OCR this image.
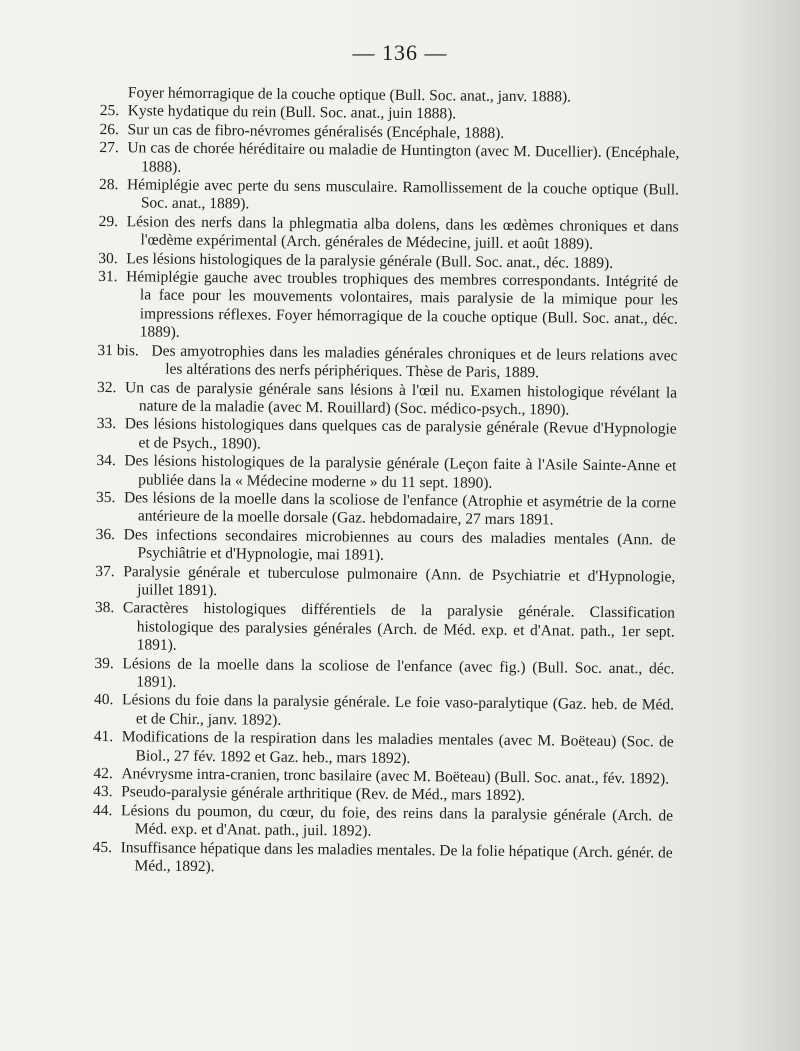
— 136 —
Foyer hémorragique de la couche optique (Bull. Soc. anat., janv. 1888).
25. Kyste hydatique du rein (Bull. Soc. anat., juin 1888).
26. Sur un cas de fibro-névromes généralisés (Encéphale, 1888).
27. Un cas de chorée héréditaire ou maladie de Huntington (avec M. Ducellier). (Encéphale, 1888).
28. Hémiplégie avec perte du sens musculaire. Ramollissement de la couche optique (Bull. Soc. anat., 1889).
29. Lésion des nerfs dans la phlegmatia alba dolens, dans les œdèmes chroniques et dans l'œdème expérimental (Arch. générales de Médecine, juill. et août 1889).
30. Les lésions histologiques de la paralysie générale (Bull. Soc. anat., déc. 1889).
31. Hémiplégie gauche avec troubles trophiques des membres correspondants. Intégrité de la face pour les mouvements volontaires, mais paralysie de la mimique pour les impressions réflexes. Foyer hémorragique de la couche optique (Bull. Soc. anat., déc. 1889).
31 bis. Des amyotrophies dans les maladies générales chroniques et de leurs relations avec les altérations des nerfs périphériques. Thèse de Paris, 1889.
32. Un cas de paralysie générale sans lésions à l'œil nu. Examen histologique révélant la nature de la maladie (avec M. Rouillard) (Soc. médico-psych., 1890).
33. Des lésions histologiques dans quelques cas de paralysie générale (Revue d'Hypnologie et de Psych., 1890).
34. Des lésions histologiques de la paralysie générale (Leçon faite à l'Asile Sainte-Anne et publiée dans la « Médecine moderne » du 11 sept. 1890).
35. Des lésions de la moelle dans la scoliose de l'enfance (Atrophie et asymétrie de la corne antérieure de la moelle dorsale (Gaz. hebdomadaire, 27 mars 1891.
36. Des infections secondaires microbiennes au cours des maladies mentales (Ann. de Psychiâtrie et d'Hypnologie, mai 1891).
37. Paralysie générale et tuberculose pulmonaire (Ann. de Psychiatrie et d'Hypnologie, juillet 1891).
38. Caractères histologiques différentiels de la paralysie générale. Classification histologique des paralysies générales (Arch. de Méd. exp. et d'Anat. path., 1er sept. 1891).
39. Lésions de la moelle dans la scoliose de l'enfance (avec fig.) (Bull. Soc. anat., déc. 1891).
40. Lésions du foie dans la paralysie générale. Le foie vaso-paralytique (Gaz. heb. de Méd. et de Chir., janv. 1892).
41. Modifications de la respiration dans les maladies mentales (avec M. Boëteau) (Soc. de Biol., 27 fév. 1892 et Gaz. heb., mars 1892).
42. Anévrysme intra-cranien, tronc basilaire (avec M. Boëteau) (Bull. Soc. anat., fév. 1892).
43. Pseudo-paralysie générale arthritique (Rev. de Méd., mars 1892).
44. Lésions du poumon, du cœur, du foie, des reins dans la paralysie générale (Arch. de Méd. exp. et d'Anat. path., juil. 1892).
45. Insuffisance hépatique dans les maladies mentales. De la folie hépatique (Arch. génér. de Méd., 1892).
